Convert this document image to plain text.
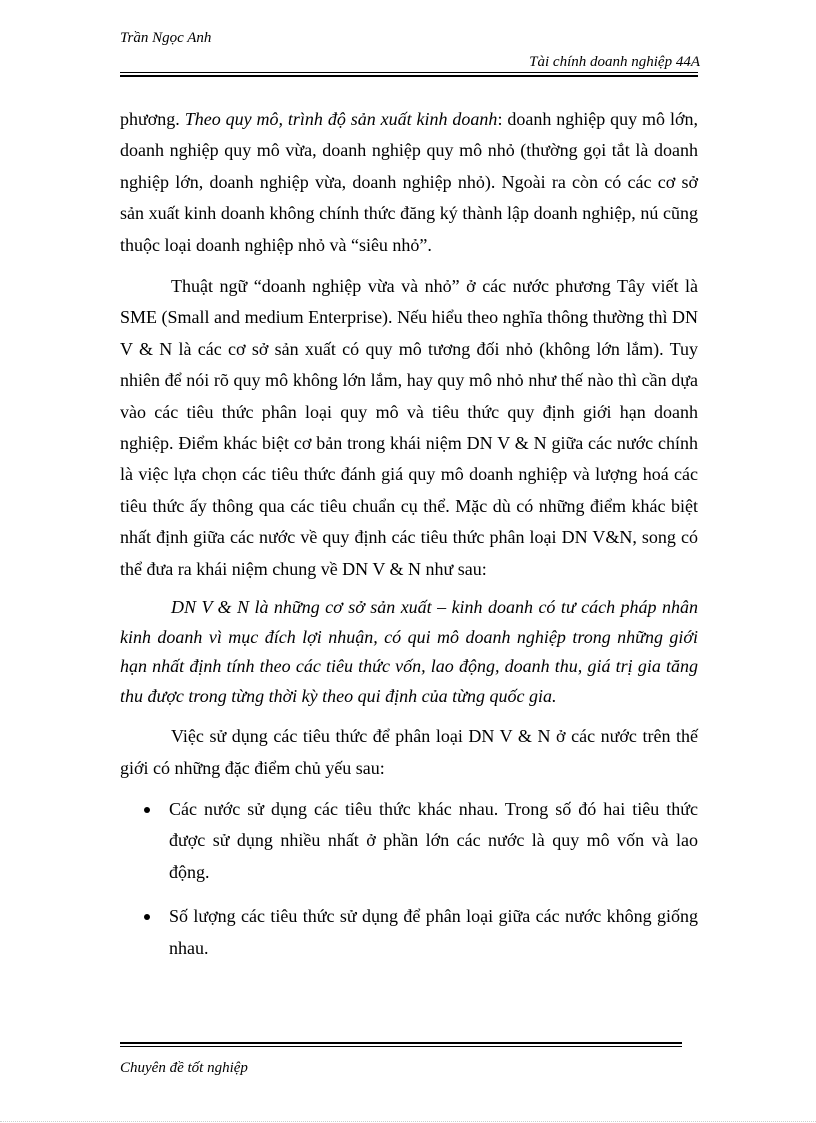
Trần Ngọc Anh
Tài chính doanh nghiệp 44A

phương. Theo quy mô, trình độ sản xuất kinh doanh: doanh nghiệp quy mô lớn, doanh nghiệp quy mô vừa, doanh nghiệp quy mô nhỏ (thường gọi tắt là doanh nghiệp lớn, doanh nghiệp vừa, doanh nghiệp nhỏ). Ngoài ra còn có các cơ sở sản xuất kinh doanh không chính thức đăng ký thành lập doanh nghiệp, nú cũng thuộc loại doanh nghiệp nhỏ và “siêu nhỏ”.

Thuật ngữ “doanh nghiệp vừa và nhỏ” ở các nước phương Tây viết là SME (Small and medium Enterprise). Nếu hiểu theo nghĩa thông thường thì DN V & N là các cơ sở sản xuất có quy mô tương đối nhỏ (không lớn lắm). Tuy nhiên để nói rõ quy mô không lớn lắm, hay quy mô nhỏ như thế nào thì cần dựa vào các tiêu thức phân loại quy mô và tiêu thức quy định giới hạn doanh nghiệp. Điểm khác biệt cơ bản trong khái niệm DN V & N giữa các nước chính là việc lựa chọn các tiêu thức đánh giá quy mô doanh nghiệp và lượng hoá các tiêu thức ấy thông qua các tiêu chuẩn cụ thể. Mặc dù có những điểm khác biệt nhất định giữa các nước về quy định các tiêu thức phân loại DN V&N, song có thể đưa ra khái niệm chung về DN V & N như sau:

DN V & N là những cơ sở sản xuất – kinh doanh có tư cách pháp nhân kinh doanh vì mục đích lợi nhuận, có qui mô doanh nghiệp trong những giới hạn nhất định tính theo các tiêu thức vốn, lao động, doanh thu, giá trị gia tăng thu được trong từng thời kỳ theo qui định của từng quốc gia.

Việc sử dụng các tiêu thức để phân loại DN V & N ở các nước trên thế giới có những đặc điểm chủ yếu sau:

Các nước sử dụng các tiêu thức khác nhau. Trong số đó hai tiêu thức được sử dụng nhiều nhất ở phần lớn các nước là quy mô vốn và lao động.
Số lượng các tiêu thức sử dụng để phân loại giữa các nước không giống nhau.
Chuyên đề tốt nghiệp
